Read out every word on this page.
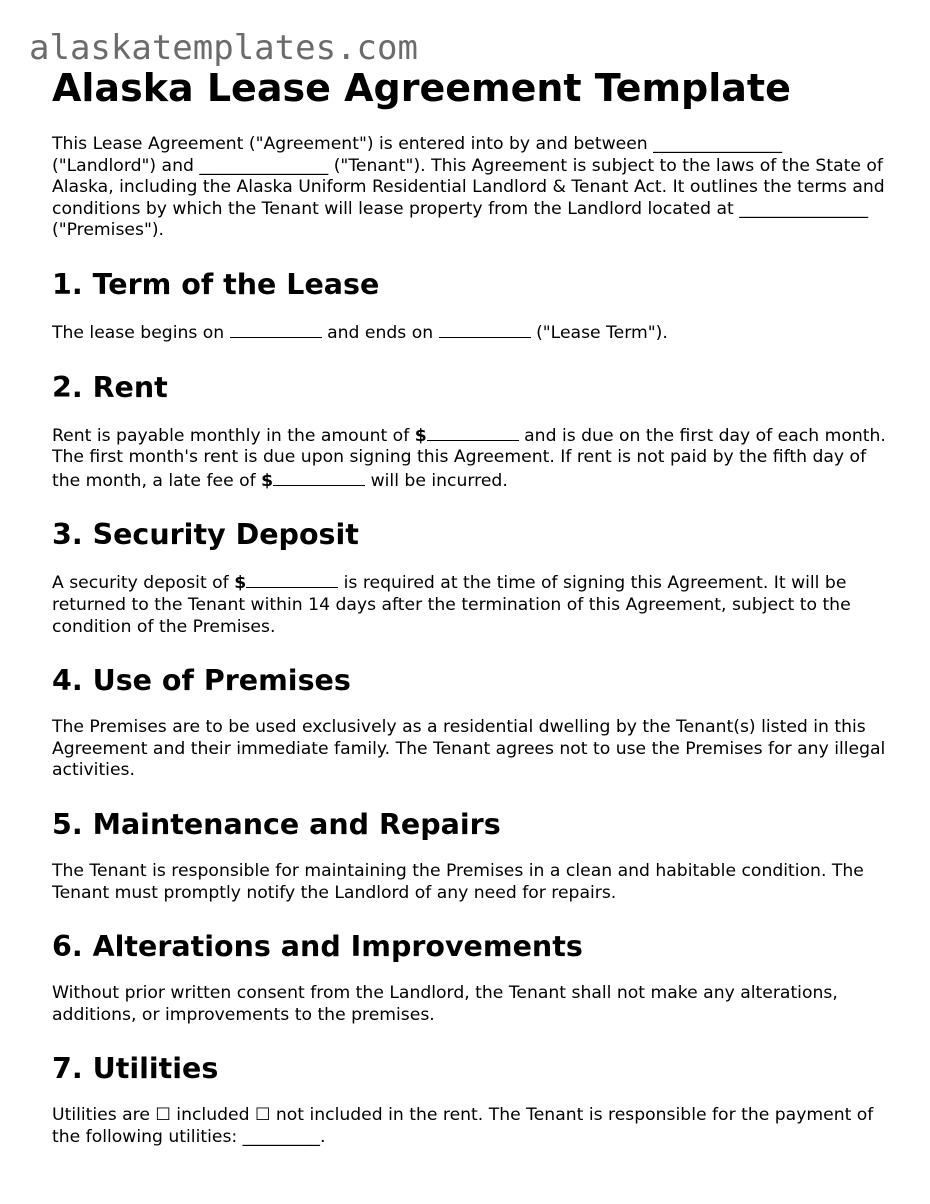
alaskatemplates.com
Alaska Lease Agreement Template

This Lease Agreement ("Agreement") is entered into by and between _______________ ("Landlord") and _______________ ("Tenant"). This Agreement is subject to the laws of the State of Alaska, including the Alaska Uniform Residential Landlord & Tenant Act. It outlines the terms and conditions by which the Tenant will lease property from the Landlord located at _______________ ("Premises").

1. Term of the Lease

The lease begins on	and ends on	("Lease Term").

2. Rent

Rent is payable monthly in the amount of $	and is due on the first day of each month. The first month's rent is due upon signing this Agreement. If rent is not paid by the fifth day of the month, a late fee of $	will be incurred.

3. Security Deposit

A security deposit of $	is required at the time of signing this Agreement. It will be returned to the Tenant within 14 days after the termination of this Agreement, subject to the condition of the Premises.

4. Use of Premises

The Premises are to be used exclusively as a residential dwelling by the Tenant(s) listed in this Agreement and their immediate family. The Tenant agrees not to use the Premises for any illegal activities.

5. Maintenance and Repairs

The Tenant is responsible for maintaining the Premises in a clean and habitable condition. The Tenant must promptly notify the Landlord of any need for repairs.

6. Alterations and Improvements

Without prior written consent from the Landlord, the Tenant shall not make any alterations, additions, or improvements to the premises.

7. Utilities

Utilities are ☐ included ☐ not included in the rent. The Tenant is responsible for the payment of the following utilities: _________.
